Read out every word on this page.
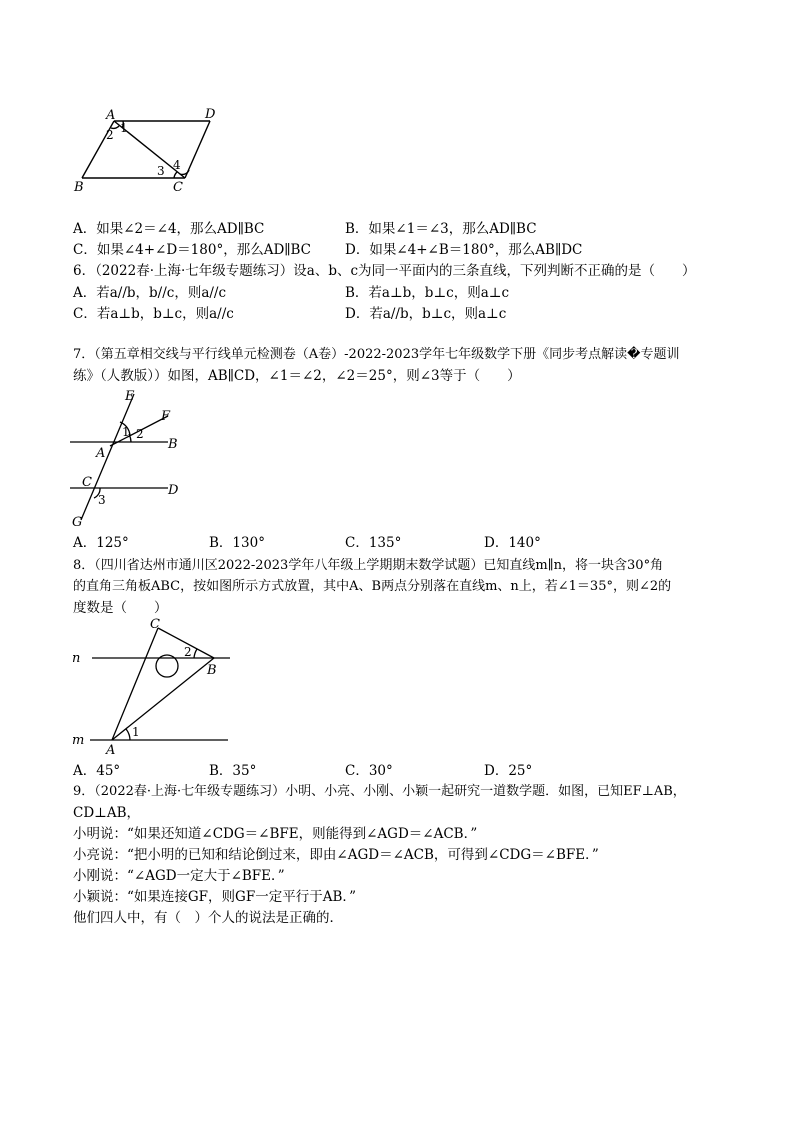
A	D
B	C
1
2
3 4
A．如果∠2＝∠4，那么AD∥BC	B．如果∠1＝∠3，那么AD∥BC
C．如果∠4+∠D＝180°，那么AD∥BC	D．如果∠4+∠B＝180°，那么AB∥DC
6．（2022春·上海·七年级专题练习）设a、b、c为同一平面内的三条直线，下列判断不正确的是（　　）
A．若a//b，b//c，则a//c	B．若a⊥b，b⊥c，则a⊥c
C．若a⊥b，b⊥c，则a//c	D．若a//b，b⊥c，则a⊥c
7．（第五章相交线与平行线单元检测卷（A卷）-2022-2023学年七年级数学下册《同步考点解读�专题训
练》（人教版））如图，AB∥CD，∠1＝∠2，∠2＝25°，则∠3等于（　　）
E
F
A
B
C
D
G
1 2
3
A．125°	B．130°	C．135°	D．140°
8．（四川省达州市通川区2022-2023学年八年级上学期期末数学试题）已知直线m∥n，将一块含30°角
的直角三角板ABC，按如图所示方式放置，其中A、B两点分别落在直线m、n上，若∠1＝35°，则∠2的
度数是（　　）
C
n
B
m
A
1
2
A．45°	B．35°	C．30°	D．25°
9．（2022春·上海·七年级专题练习）小明、小亮、小刚、小颖一起研究一道数学题．如图，已知EF⊥AB，
CD⊥AB，
小明说：“如果还知道∠CDG＝∠BFE，则能得到∠AGD＝∠ACB．”
小亮说：“把小明的已知和结论倒过来，即由∠AGD＝∠ACB，可得到∠CDG＝∠BFE．”
小刚说：“∠AGD一定大于∠BFE．”
小颖说：“如果连接GF，则GF一定平行于AB．”
他们四人中，有（　）个人的说法是正确的．
